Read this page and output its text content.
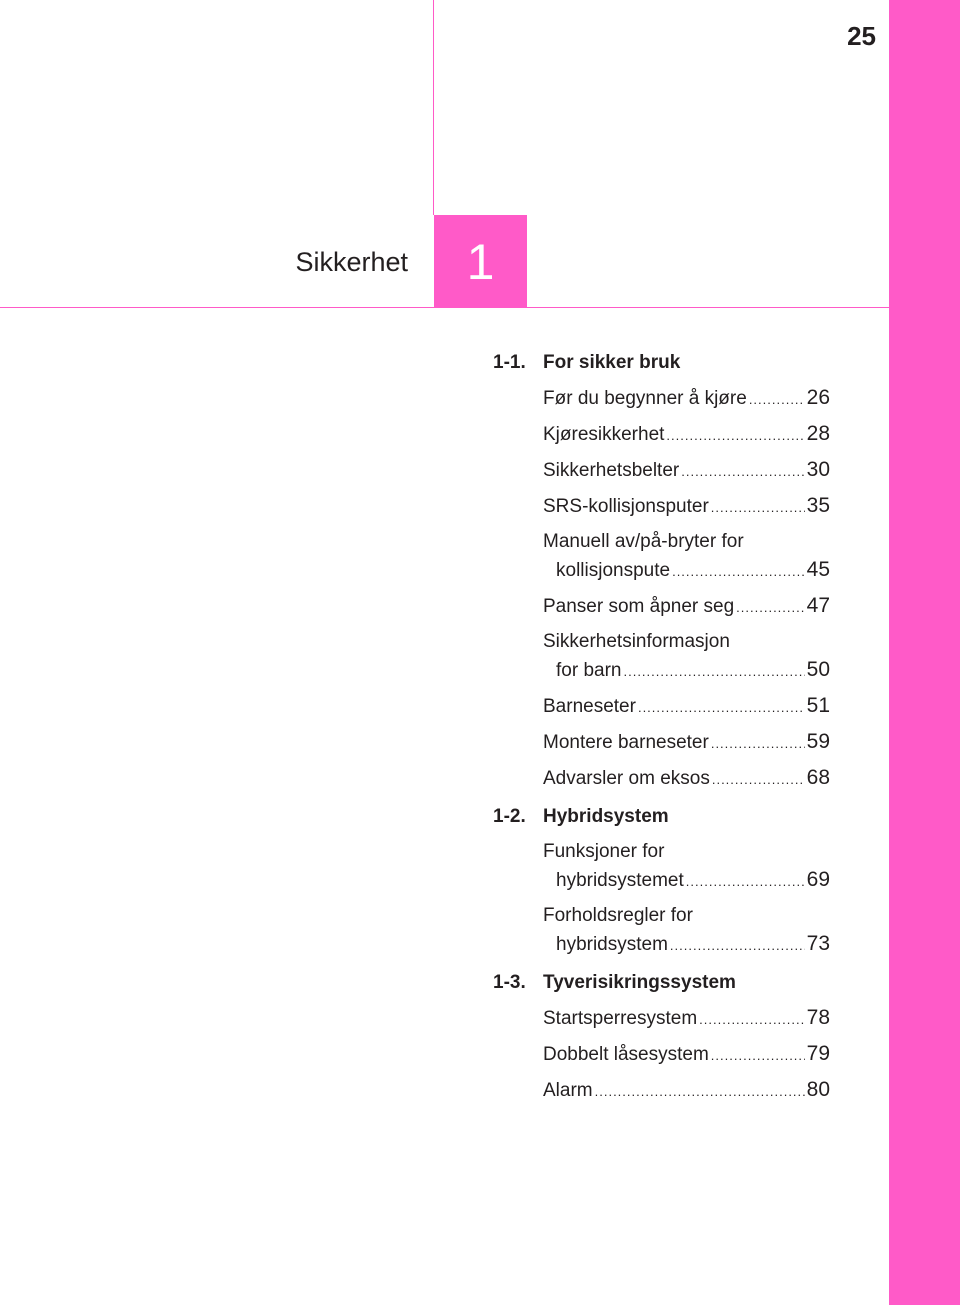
25
Sikkerhet 1
1-1. For sikker bruk
Før du begynner å kjøre .....	26
Kjøresikkerhet .....	28
Sikkerhetsbelter .....	30
SRS-kollisjonsputer .....	35
Manuell av/på-bryter for
kollisjonspute .....	45
Panser som åpner seg .....	47
Sikkerhetsinformasjon
for barn .....	50
Barneseter .....	51
Montere barneseter .....	59
Advarsler om eksos .....	68
1-2. Hybridsystem
Funksjoner for
hybridsystemet .....	69
Forholdsregler for
hybridsystem .....	73
1-3. Tyverisikringssystem
Startsperresystem .....	78
Dobbelt låsesystem .....	79
Alarm .....	80
